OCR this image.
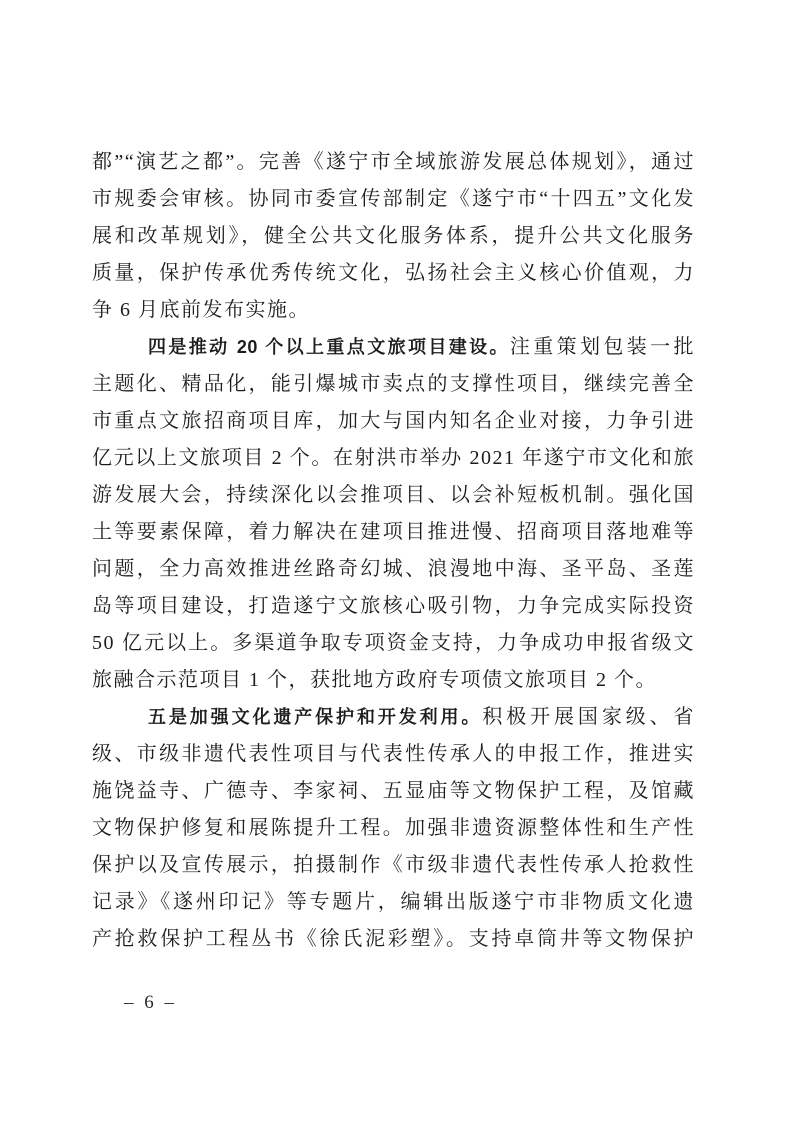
都”“演艺之都”。完善《遂宁市全域旅游发展总体规划》，通过
市规委会审核。协同市委宣传部制定《遂宁市“十四五”文化发
展和改革规划》，健全公共文化服务体系，提升公共文化服务
质量，保护传承优秀传统文化，弘扬社会主义核心价值观，力
争 6 月底前发布实施。
四是推动 20 个以上重点文旅项目建设。注重策划包装一批
主题化、精品化，能引爆城市卖点的支撑性项目，继续完善全
市重点文旅招商项目库，加大与国内知名企业对接，力争引进
亿元以上文旅项目 2 个。在射洪市举办 2021 年遂宁市文化和旅
游发展大会，持续深化以会推项目、以会补短板机制。强化国
土等要素保障，着力解决在建项目推进慢、招商项目落地难等
问题，全力高效推进丝路奇幻城、浪漫地中海、圣平岛、圣莲
岛等项目建设，打造遂宁文旅核心吸引物，力争完成实际投资
50 亿元以上。多渠道争取专项资金支持，力争成功申报省级文
旅融合示范项目 1 个，获批地方政府专项债文旅项目 2 个。
五是加强文化遗产保护和开发利用。积极开展国家级、省
级、市级非遗代表性项目与代表性传承人的申报工作，推进实
施饶益寺、广德寺、李家祠、五显庙等文物保护工程，及馆藏
文物保护修复和展陈提升工程。加强非遗资源整体性和生产性
保护以及宣传展示，拍摄制作《市级非遗代表性传承人抢救性
记录》《遂州印记》等专题片，编辑出版遂宁市非物质文化遗
产抢救保护工程丛书《徐氏泥彩塑》。支持卓筒井等文物保护
– 6 –
